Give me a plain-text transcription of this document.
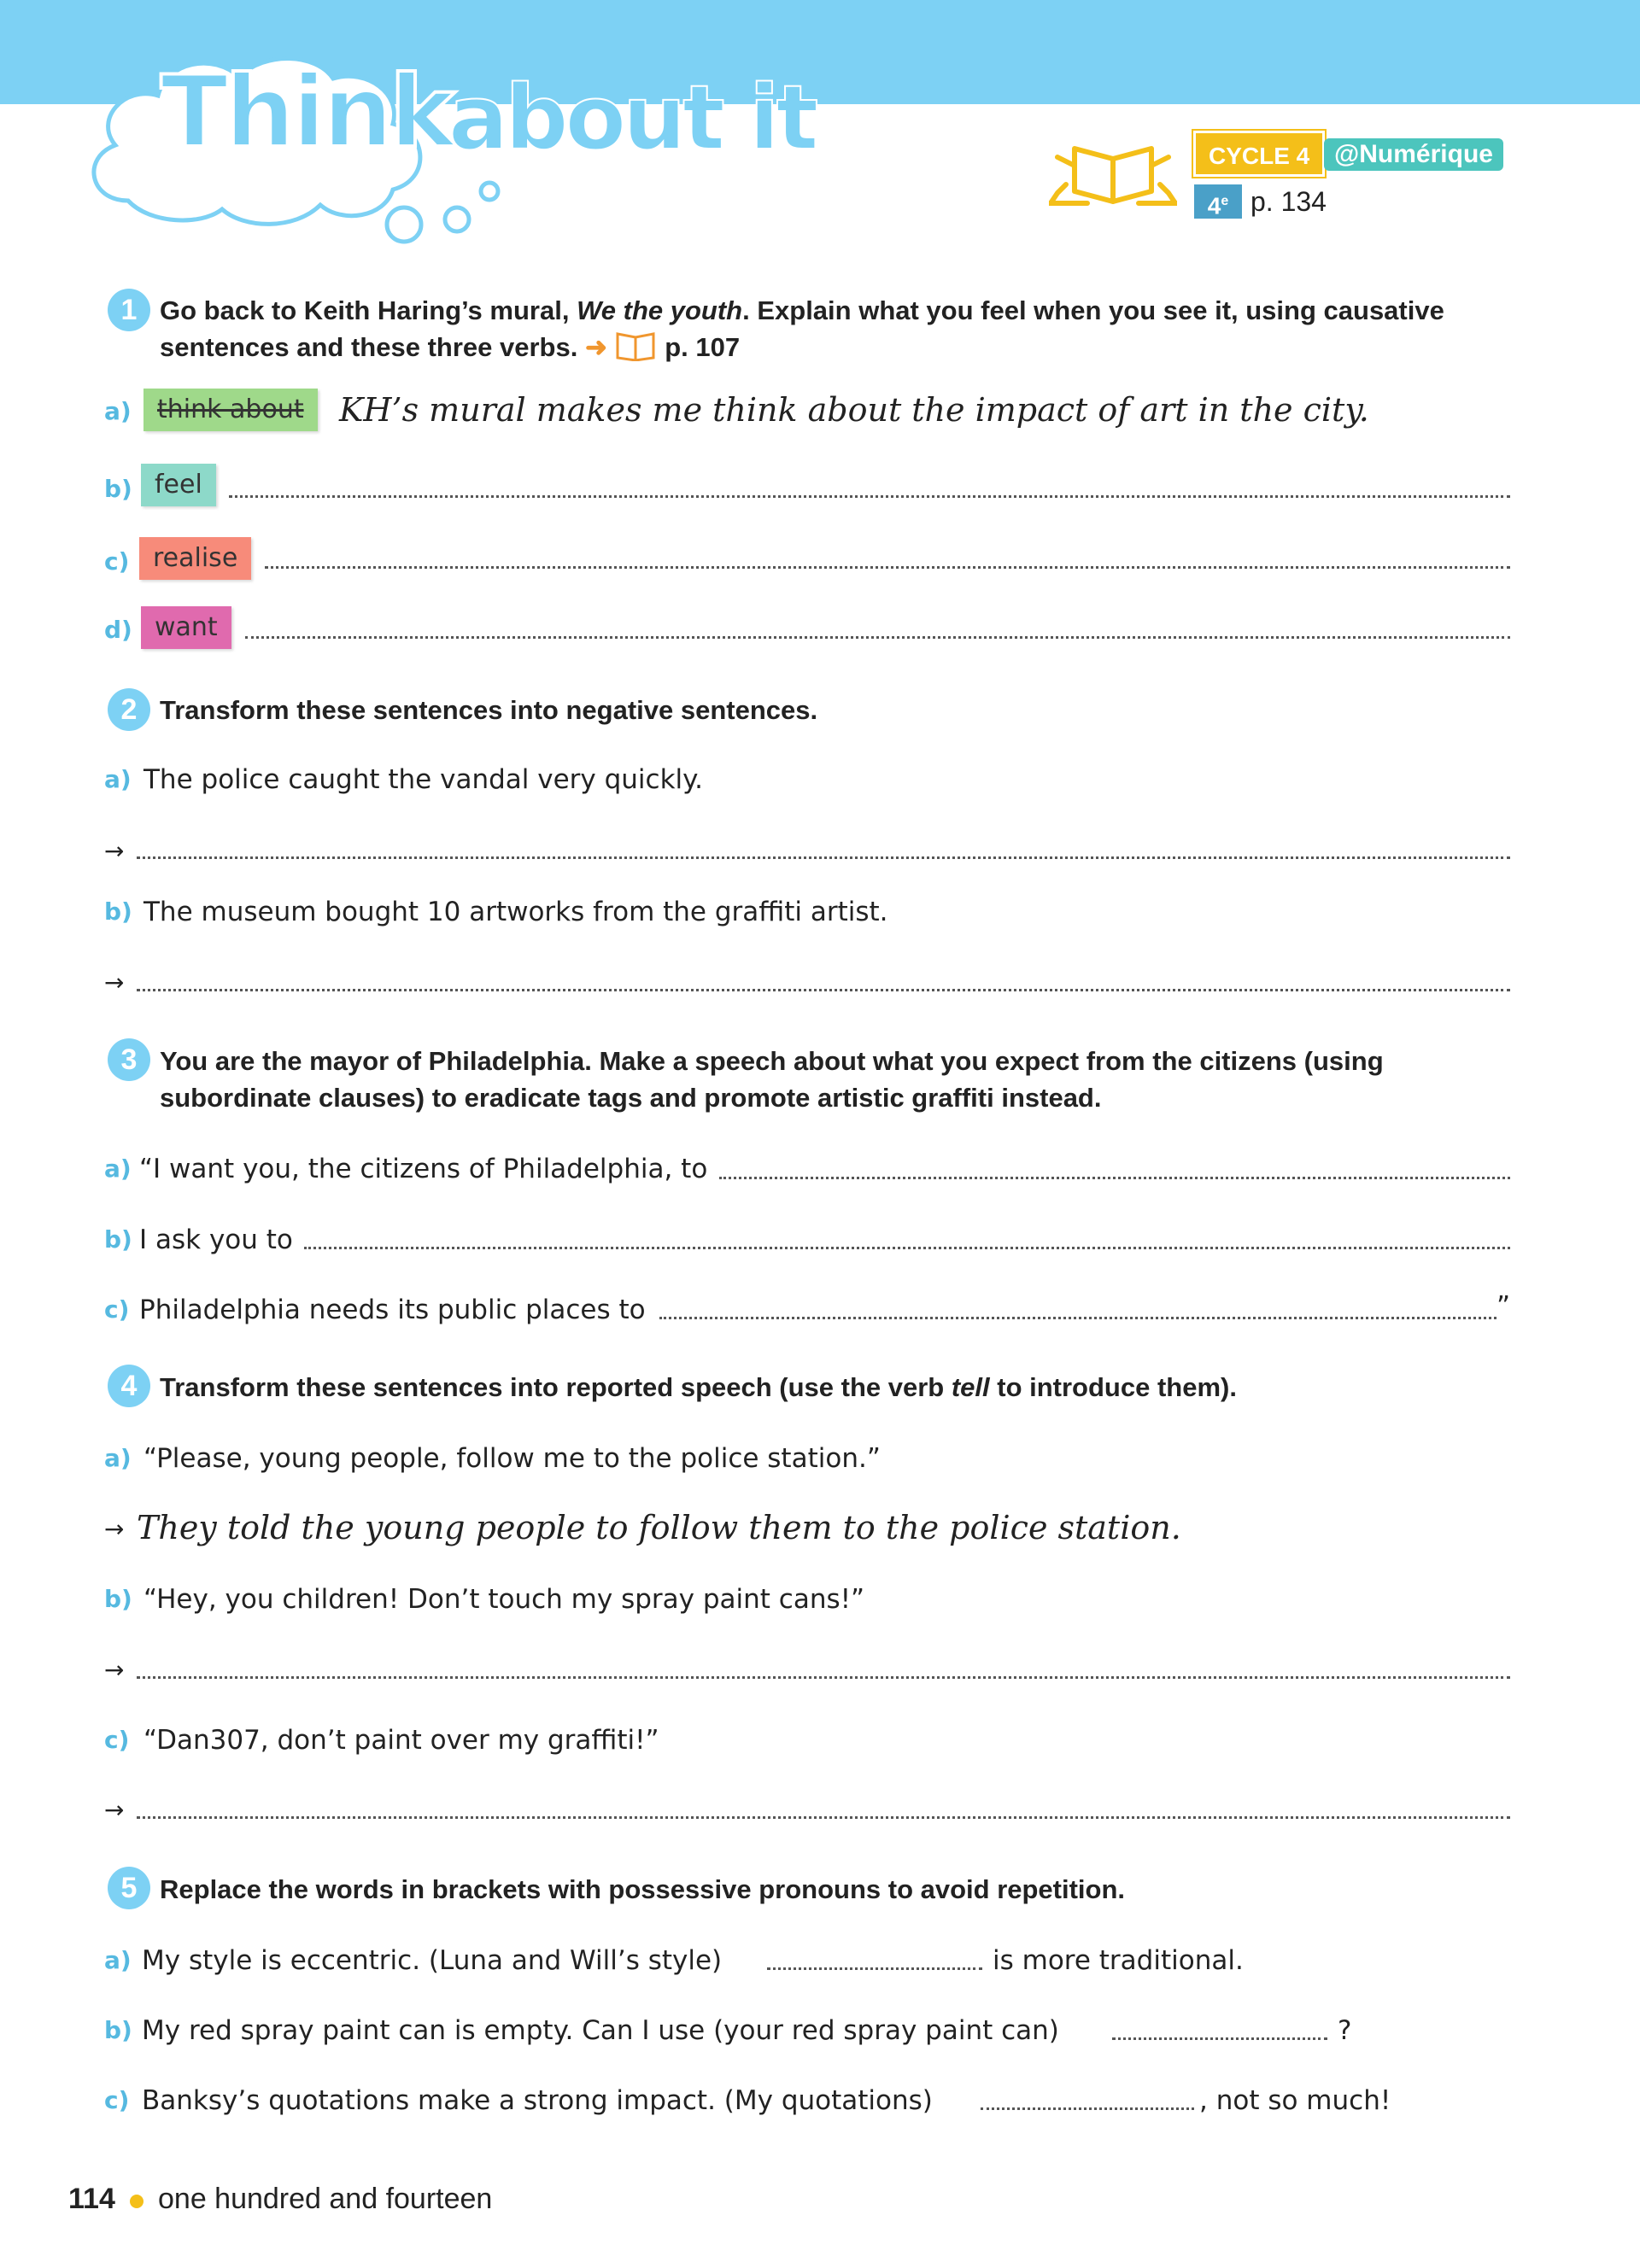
Think
about it	CYCLE 4 @Numérique
4e p. 134
1 Go back to Keith Haring’s mural, We the youth. Explain what you feel when you see it, using causative
sentences and these three verbs. ➜ p. 107
a)	think about	KH’s mural makes me think about the impact of art in the city.
b) feel
c) realise
d) want
2 Transform these sentences into negative sentences.
a) The police caught the vandal very quickly.
→
b) The museum bought 10 artworks from the graffiti artist.
→
3 You are the mayor of Philadelphia. Make a speech about what you expect from the citizens (using
subordinate clauses) to eradicate tags and promote artistic graffiti instead.
a) “I want you, the citizens of Philadelphia, to
b) I ask you to
c) Philadelphia needs its public places to	”
4 Transform these sentences into reported speech (use the verb tell to introduce them).
a) “Please, young people, follow me to the police station.”
→ They told the young people to follow them to the police station.
b) “Hey, you children! Don’t touch my spray paint cans!”
→
c) “Dan307, don’t paint over my graffiti!”
→
5 Replace the words in brackets with possessive pronouns to avoid repetition.
a) My style is eccentric. (Luna and Will’s style)	is more traditional.
b) My red spray paint can is empty. Can I use (your red spray paint can)	?
c) Banksy’s quotations make a strong impact. (My quotations)	, not so much!
114 one hundred and fourteen
